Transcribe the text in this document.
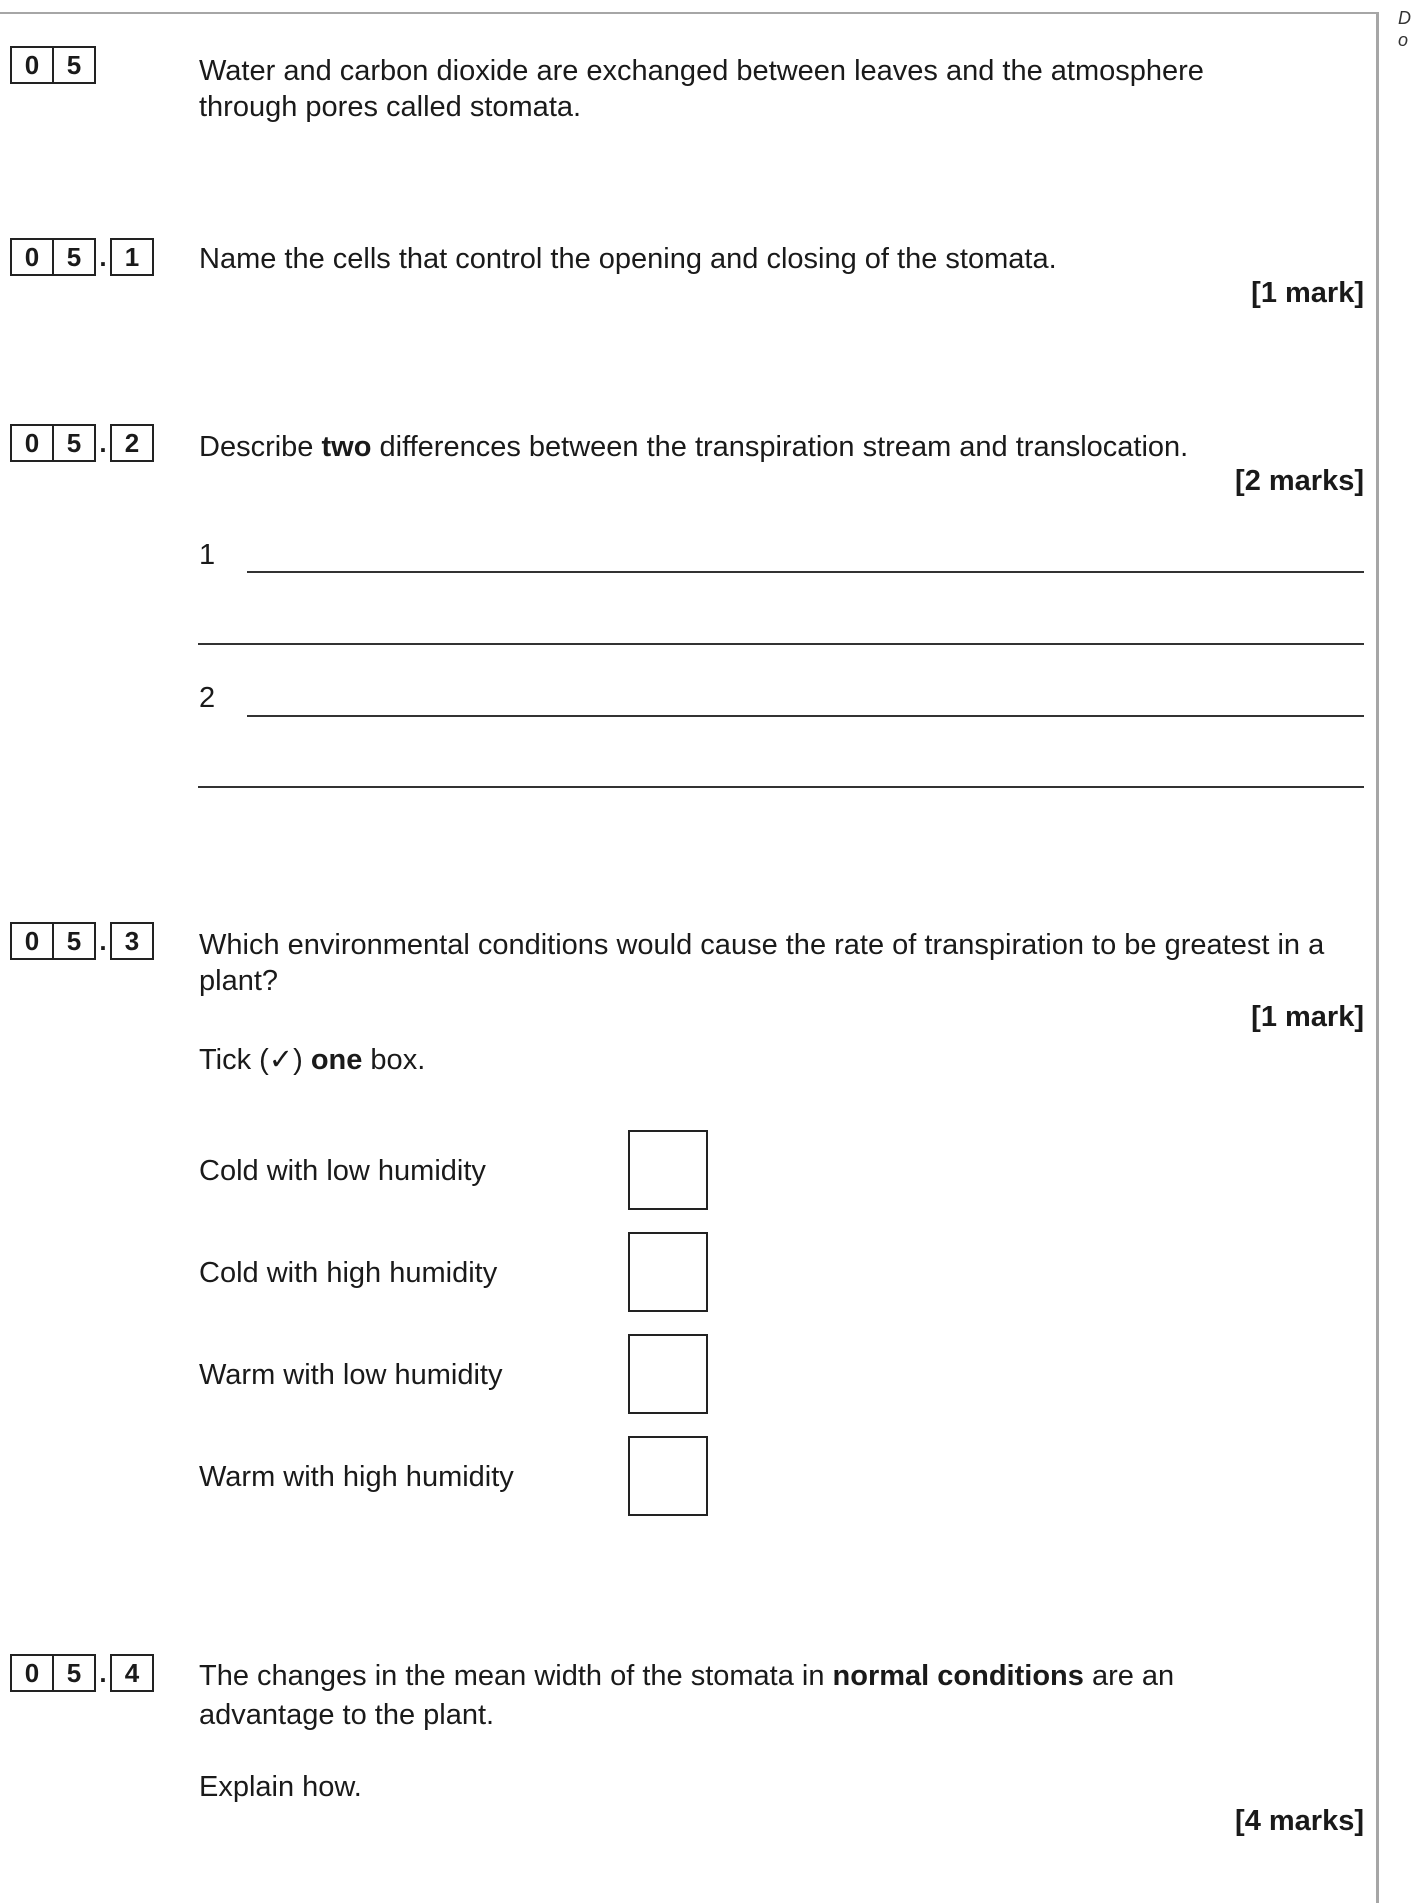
D
o
0 5	Water and carbon dioxide are exchanged between leaves and the atmosphere through pores called stomata.
0 5 . 1	Name the cells that control the opening and closing of the stomata.
[1 mark]
0 5 . 2	Describe two differences between the transpiration stream and translocation.
[2 marks]
1
2
0 5 . 3	Which environmental conditions would cause the rate of transpiration to be greatest in a plant?
[1 mark]
Tick (✓) one box.
Cold with low humidity
Cold with high humidity
Warm with low humidity
Warm with high humidity
0 5 . 4	The changes in the mean width of the stomata in normal conditions are an advantage to the plant.
Explain how.
[4 marks]
